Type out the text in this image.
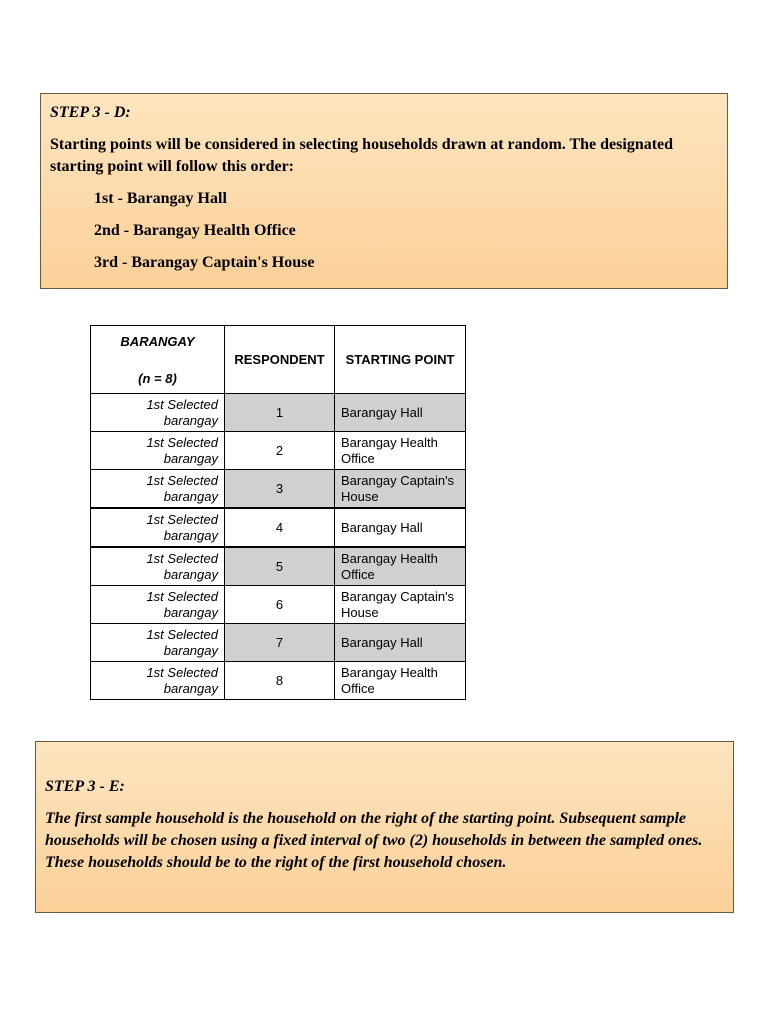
STEP 3 - D:

Starting points will be considered in selecting households drawn at random. The designated starting point will follow this order:

1st - Barangay Hall
2nd - Barangay Health Office
3rd - Barangay Captain's House
BARANGAY
(n = 8)	RESPONDENT	STARTING POINT
1st Selected barangay	1	Barangay Hall
1st Selected barangay	2	Barangay Health Office
1st Selected barangay	3	Barangay Captain's House
1st Selected barangay	4	Barangay Hall
1st Selected barangay	5	Barangay Health Office
1st Selected barangay	6	Barangay Captain's House
1st Selected barangay	7	Barangay Hall
1st Selected barangay	8	Barangay Health Office

STEP 3 - E:

The first sample household is the household on the right of the starting point. Subsequent sample households will be chosen using a fixed interval of two (2) households in between the sampled ones. These households should be to the right of the first household chosen.
